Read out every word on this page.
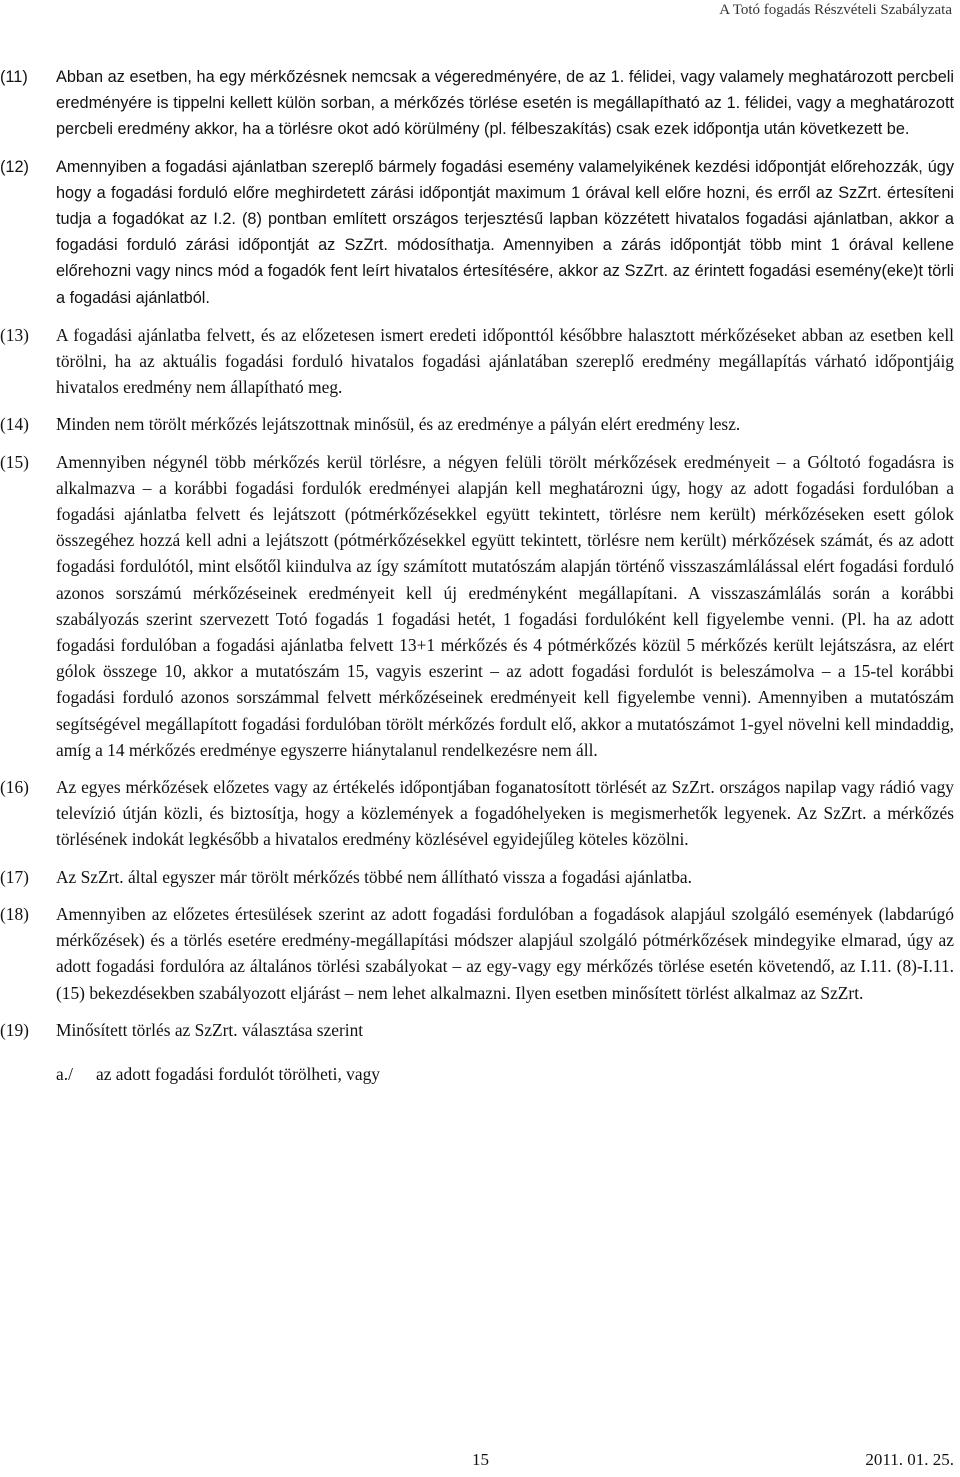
A Totó fogadás Részvételi Szabályzata
(11)	Abban az esetben, ha egy mérkőzésnek nemcsak a végeredményére, de az 1. félidei, vagy valamely meghatározott percbeli eredményére is tippelni kellett külön sorban, a mérkőzés törlése esetén is megállapítható az 1. félidei, vagy a meghatározott percbeli eredmény akkor, ha a törlésre okot adó körülmény (pl. félbeszakítás) csak ezek időpontja után következett be.
(12)	Amennyiben a fogadási ajánlatban szereplő bármely fogadási esemény valamelyikének kezdési időpontját előrehozzák, úgy hogy a fogadási forduló előre meghirdetett zárási időpontját maximum 1 órával kell előre hozni, és erről az SzZrt. értesíteni tudja a fogadókat az I.2. (8) pontban említett országos terjesztésű lapban közzétett hivatalos fogadási ajánlatban, akkor a fogadási forduló zárási időpontját az SzZrt. módosíthatja. Amennyiben a zárás időpontját több mint 1 órával kellene előrehozni vagy nincs mód a fogadók fent leírt hivatalos értesítésére, akkor az SzZrt. az érintett fogadási esemény(eke)t törli a fogadási ajánlatból.
(13)	A fogadási ajánlatba felvett, és az előzetesen ismert eredeti időponttól későbbre halasztott mérkőzéseket abban az esetben kell törölni, ha az aktuális fogadási forduló hivatalos fogadási ajánlatában szereplő eredmény megállapítás várható időpontjáig hivatalos eredmény nem állapítható meg.
(14)	Minden nem törölt mérkőzés lejátszottnak minősül, és az eredménye a pályán elért eredmény lesz.
(15)	Amennyiben négynél több mérkőzés kerül törlésre, a négyen felüli törölt mérkőzések eredményeit – a Góltotó fogadásra is alkalmazva – a korábbi fogadási fordulók eredményei alapján kell meghatározni úgy, hogy az adott fogadási fordulóban a fogadási ajánlatba felvett és lejátszott (pótmérkőzésekkel együtt tekintett, törlésre nem került) mérkőzéseken esett gólok összegéhez hozzá kell adni a lejátszott (pótmérkőzésekkel együtt tekintett, törlésre nem került) mérkőzések számát, és az adott fogadási fordulótól, mint elsőtől kiindulva az így számított mutatószám alapján történő visszaszámlálással elért fogadási forduló azonos sorszámú mérkőzéseinek eredményeit kell új eredményként megállapítani. A visszaszámlálás során a korábbi szabályozás szerint szervezett Totó fogadás 1 fogadási hetét, 1 fogadási fordulóként kell figyelembe venni. (Pl. ha az adott fogadási fordulóban a fogadási ajánlatba felvett 13+1 mérkőzés és 4 pótmérkőzés közül 5 mérkőzés került lejátszásra, az elért gólok összege 10, akkor a mutatószám 15, vagyis eszerint – az adott fogadási fordulót is beleszámolva – a 15-tel korábbi fogadási forduló azonos sorszámmal felvett mérkőzéseinek eredményeit kell figyelembe venni). Amennyiben a mutatószám segítségével megállapított fogadási fordulóban törölt mérkőzés fordult elő, akkor a mutatószámot 1-gyel növelni kell mindaddig, amíg a 14 mérkőzés eredménye egyszerre hiánytalanul rendelkezésre nem áll.
(16)	Az egyes mérkőzések előzetes vagy az értékelés időpontjában foganatosított törlését az SzZrt. országos napilap vagy rádió vagy televízió útján közli, és biztosítja, hogy a közlemények a fogadóhelyeken is megismerhetők legyenek. Az SzZrt. a mérkőzés törlésének indokát legkésőbb a hivatalos eredmény közlésével egyidejűleg köteles közölni.
(17)	Az SzZrt. által egyszer már törölt mérkőzés többé nem állítható vissza a fogadási ajánlatba.
(18)	Amennyiben az előzetes értesülések szerint az adott fogadási fordulóban a fogadások alapjául szolgáló események (labdarúgó mérkőzések) és a törlés esetére eredmény-megállapítási módszer alapjául szolgáló pótmérkőzések mindegyike elmarad, úgy az adott fogadási fordulóra az általános törlési szabályokat – az egy-vagy egy mérkőzés törlése esetén követendő, az I.11. (8)-I.11. (15) bekezdésekben szabályozott eljárást – nem lehet alkalmazni. Ilyen esetben minősített törlést alkalmaz az SzZrt.
(19)	Minősített törlés az SzZrt. választása szerint
a./	az adott fogadási fordulót törölheti, vagy
15	2011. 01. 25.
